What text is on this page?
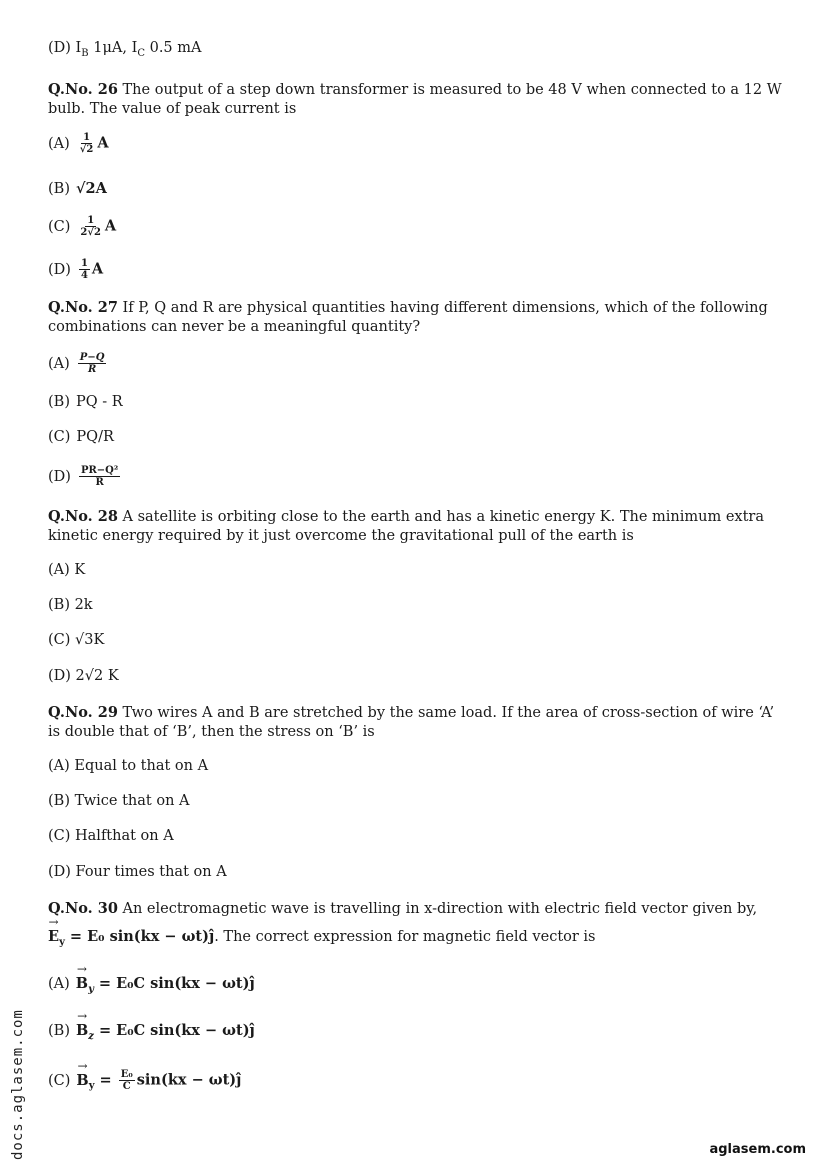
(D) $I_B$ 1μA, $I_C$ 0.5 mA
Q.No. 26 The output of a step down transformer is measured to be 48 V when connected to a 12 W bulb. The value of peak current is
$(A) \frac{1}{√2}$ A
(B) √2A
$(C) \frac{1}{2√2}$ A
$(D) \frac{1}{4}$ A
Q.No. 27 If P, Q and R are physical quantities having different dimensions, which of the following combinations can never be a meaningful quantity?
$(A) \frac{P-Q}{R}$
(B) PQ - R
(C) PQ/R
$(D) \frac{\text{PR−Q²}}{R}$
Q.No. 28 A satellite is orbiting close to the earth and has a kinetic energy K. The minimum extra kinetic energy required by it just overcome the gravitational pull of the earth is
(A) K
(B) 2k
(C) √3K
(D) 2√2 K
Q.No. 29 Two wires A and B are stretched by the same load. If the area of cross-section of wire ‘A’ is double that of ‘B’, then the stress on ‘B’ is
(A) Equal to that on A
(B) Twice that on A
(C) Halfthat on A
(D) Four times that on A
Q.No. 30 An electromagnetic wave is travelling in x-direction with electric field vector given by,
→
$E_y = E_0$ sin(kx − ωt)ĵ. The correct expression for magnetic field vector is
(A)
→
$B_y = E_0C$ sin(kx − ωt)ĵ
(B)
→
$B_z = E_0C$ sin(kx − ωt)ĵ
(C)
→
$B_y = \frac{\text{E₀}}{C} \sin(kx$ − ωt)ĵ
docs.aglasem.com	aglasem.com
